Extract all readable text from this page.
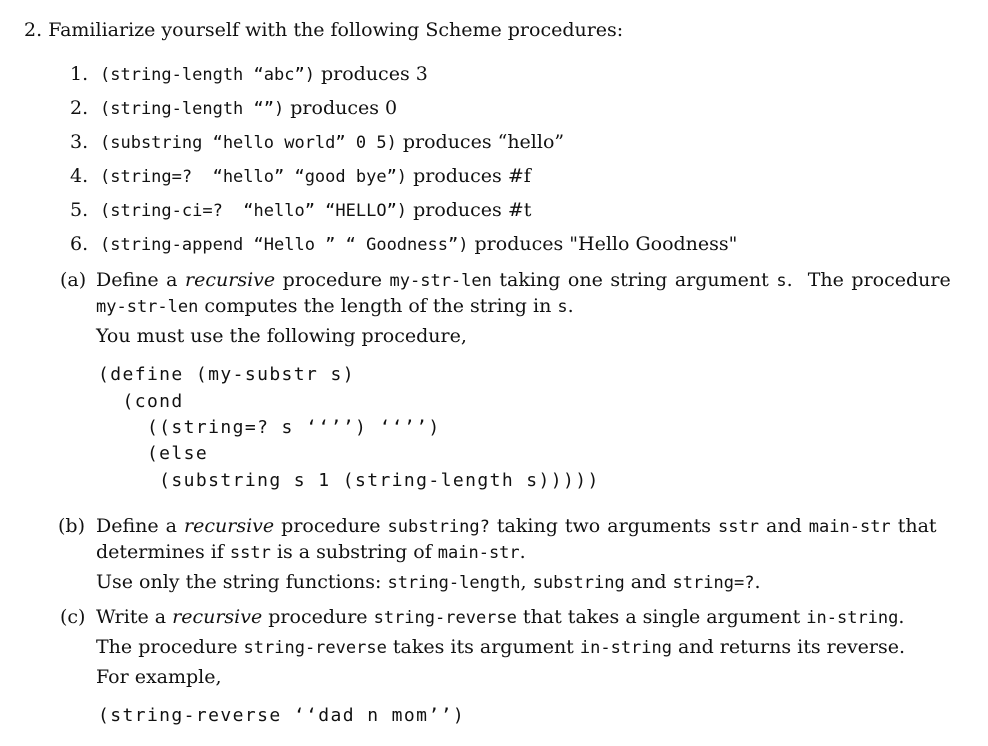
2. Familiarize yourself with the following Scheme procedures:
1. (string-length “abc”) produces 3
2. (string-length “”) produces 0
3. (substring “hello world” 0 5) produces “hello”
4. (string=?  “hello” “good bye”) produces #f
5. (string-ci=?  “hello” “HELLO”) produces #t
6. (string-append “Hello ” “ Goodness”) produces "Hello Goodness"
(a) Define a recursive procedure my-str-len taking one string argument s.  The procedure
my-str-len computes the length of the string in s.
You must use the following procedure,
(define (my-substr s)
(cond
((string=? s ‘‘’’) ‘‘’’)
(else
(substring s 1 (string-length s)))))
(b) Define a recursive procedure substring? taking two arguments sstr and main-str that
determines if sstr is a substring of main-str.
Use only the string functions: string-length, substring and string=?.
(c) Write a recursive procedure string-reverse that takes a single argument in-string.
The procedure string-reverse takes its argument in-string and returns its reverse.
For example,
(string-reverse ‘‘dad n mom’’)
